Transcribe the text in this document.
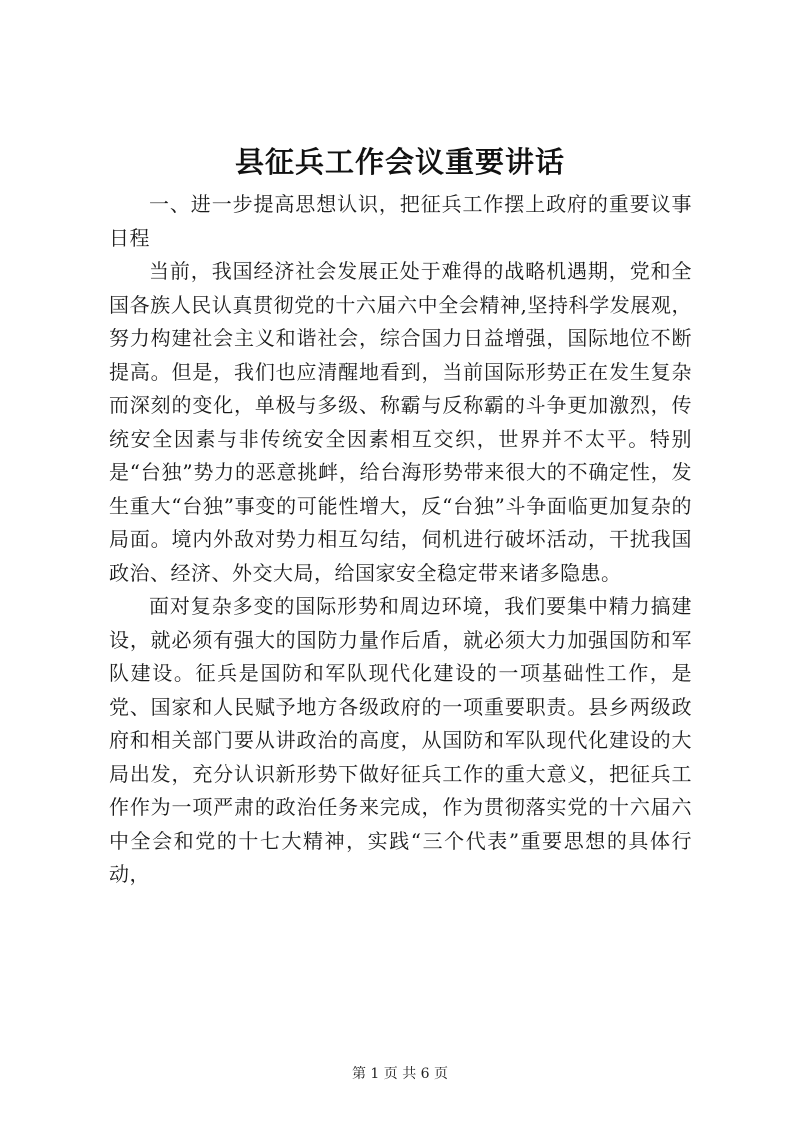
县征兵工作会议重要讲话

一、进一步提高思想认识，把征兵工作摆上政府的重要议事日程

当前，我国经济社会发展正处于难得的战略机遇期，党和全国各族人民认真贯彻党的十六届六中全会精神,坚持科学发展观，努力构建社会主义和谐社会，综合国力日益增强，国际地位不断提高。但是，我们也应清醒地看到，当前国际形势正在发生复杂而深刻的变化，单极与多级、称霸与反称霸的斗争更加激烈，传统安全因素与非传统安全因素相互交织，世界并不太平。特别是“台独”势力的恶意挑衅，给台海形势带来很大的不确定性，发生重大“台独”事变的可能性增大，反“台独”斗争面临更加复杂的局面。境内外敌对势力相互勾结，伺机进行破坏活动，干扰我国政治、经济、外交大局，给国家安全稳定带来诸多隐患。

面对复杂多变的国际形势和周边环境，我们要集中精力搞建设，就必须有强大的国防力量作后盾，就必须大力加强国防和军队建设。征兵是国防和军队现代化建设的一项基础性工作，是党、国家和人民赋予地方各级政府的一项重要职责。县乡两级政府和相关部门要从讲政治的高度，从国防和军队现代化建设的大局出发，充分认识新形势下做好征兵工作的重大意义，把征兵工作作为一项严肃的政治任务来完成，作为贯彻落实党的十六届六中全会和党的十七大精神，实践“三个代表”重要思想的具体行动，

第 1 页 共 6 页
